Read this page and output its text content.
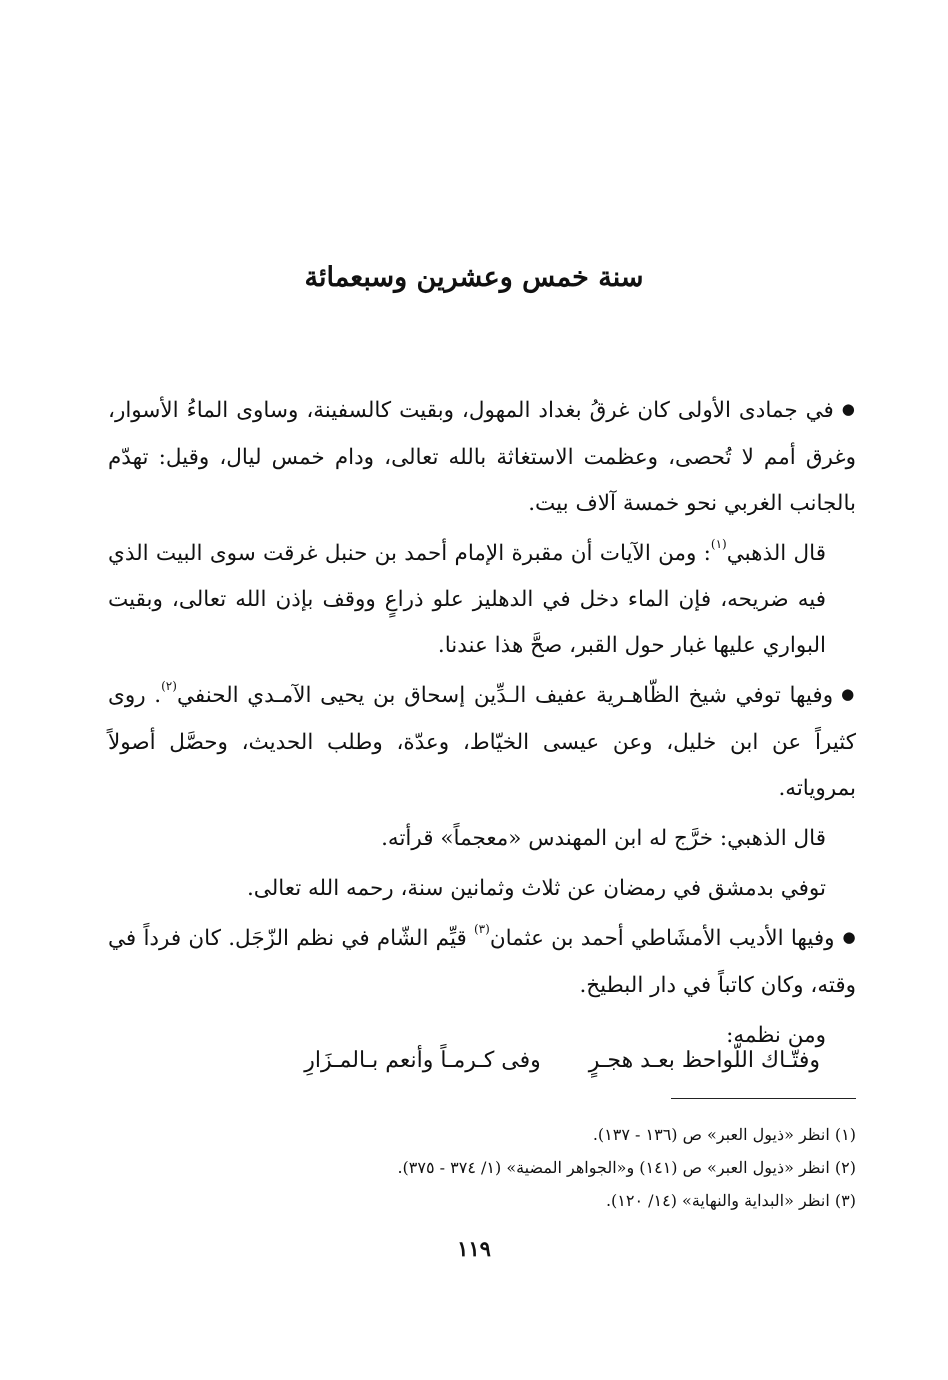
سنة خمس وعشرين وسبعمائة

●في جمادى الأولى كان غرقُ بغداد المهول، وبقيت كالسفينة، وساوى الماءُ الأسوار، وغرق أمم لا تُحصى، وعظمت الاستغاثة بالله تعالى، ودام خمس ليال، وقيل: تهدّم بالجانب الغربي نحو خمسة آلاف بيت.

قال الذهبي$^{(١)}$: ومن الآيات أن مقبرة الإمام أحمد بن حنبل غرقت سوى البيت الذي فيه ضريحه، فإن الماء دخل في الدهليز علو ذراعٍ ووقف بإذن الله تعالى، وبقيت البواري عليها غبار حول القبر، صحَّ هذا عندنا.

●وفيها توفي شيخ الظّاهـرية عفيف الـدِّين إسحاق بن يحيى الآمـدي الحنفي$^{(٢)}$. روى كثيراً عن ابن خليل، وعن عيسى الخيّاط، وعدّة، وطلب الحديث، وحصَّل أصولاً بمروياته.

قال الذهبي: خرَّج له ابن المهندس «معجماً» قرأته.

توفي بدمشق في رمضان عن ثلاث وثمانين سنة، رحمه الله تعالى.

●وفيها الأديب الأمشَاطي أحمد بن عثمان$^{(٣)}$ قيِّم الشّام في نظم الزّجَل. كان فرداً في وقته، وكان كاتباً في دار البطيخ.

ومن نظمه:

وفتّـاك اللّواحظ بعـد هجـرٍ
وفى كـرمـاً وأنعم بـالمـزَارِ
(١) انظر «ذيول العبر» ص (١٣٦ - ١٣٧).
(٢) انظر «ذيول العبر» ص (١٤١) و«الجواهر المضية» (١/ ٣٧٤ - ٣٧٥).
(٣) انظر «البداية والنهاية» (١٤/ ١٢٠).
١١٩
